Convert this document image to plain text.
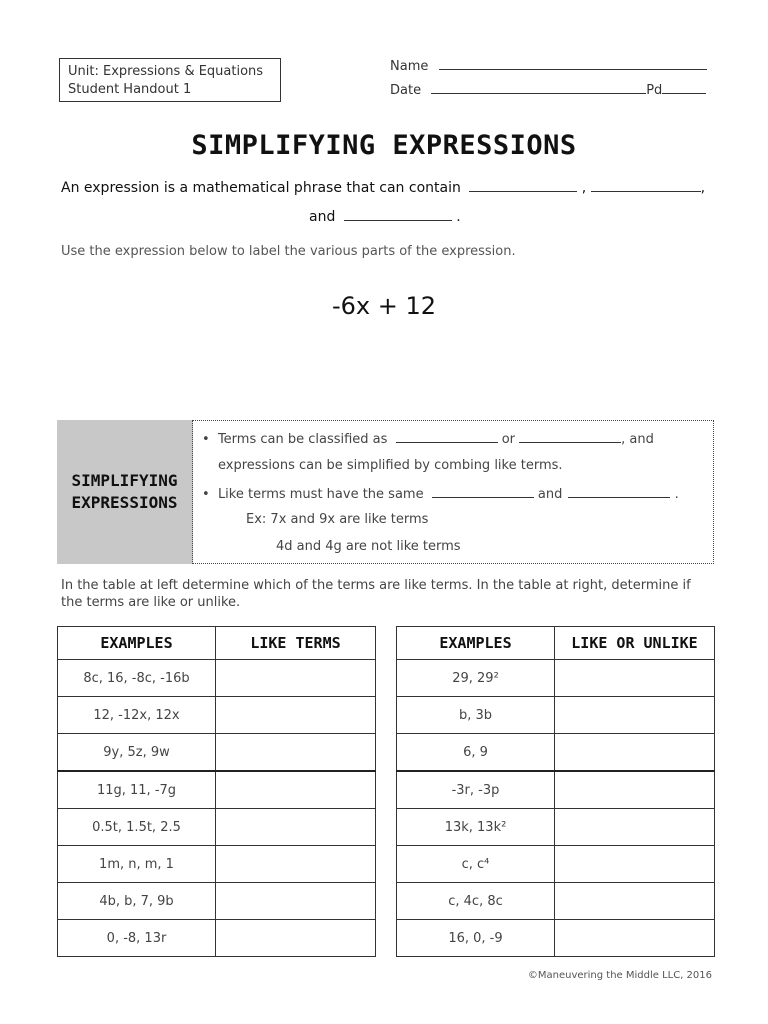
Unit: Expressions & Equations
Student Handout 1
Name
Date	Pd
SIMPLIFYING EXPRESSIONS
An expression is a mathematical phrase that can contain	,	,
and	.
Use the expression below to label the various parts of the expression.
-6x + 12
SIMPLIFYING
EXPRESSIONS
• Terms can be classified as	or	, and
expressions can be simplified by combing like terms.
• Like terms must have the same	and	.
Ex: 7x and 9x are like terms
4d and 4g are not like terms
In the table at left determine which of the terms are like terms. In the table at right, determine if the terms are like or unlike.
EXAMPLES	LIKE TERMS
8c, 16, -8c, -16b	
12, -12x, 12x	
9y, 5z, 9w	
11g, 11, -7g	
0.5t, 1.5t, 2.5	
1m, n, m, 1	
4b, b, 7, 9b	
0, -8, 13r	
EXAMPLES	LIKE OR UNLIKE
29, 29²	
b, 3b	
6, 9	
-3r, -3p	
13k, 13k²	
c, c⁴	
c, 4c, 8c	
16, 0, -9	
©Maneuvering the Middle LLC, 2016
